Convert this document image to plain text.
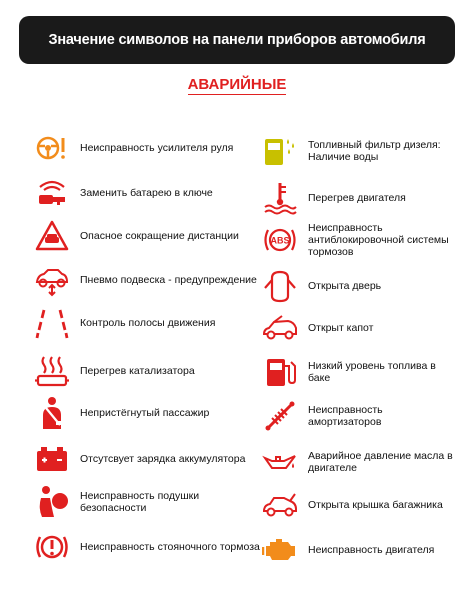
Значение символов на панели приборов автомобиля
АВАРИЙНЫЕ
Неисправность усилителя руля
Заменить батарею в ключе
Опасное сокращение дистанции
Пневмо подвеска - предупреждение
Контроль полосы движения
Перегрев катализатора
Непристёгнутый пассажир
Отсутсвует зарядка аккумулятора
Неисправность подушки безопасности
Неисправность стояночного тормоза
Топливный фильтр дизеля: Наличие воды
Перегрев двигателя
ABS
Неисправность антиблокировочной системы тормозов
Открыта дверь
Открыт капот
Низкий уровень топлива в баке
Неисправность амортизаторов
Аварийное давление масла в двигателе
Открыта крышка багажника
Неисправность двигателя
